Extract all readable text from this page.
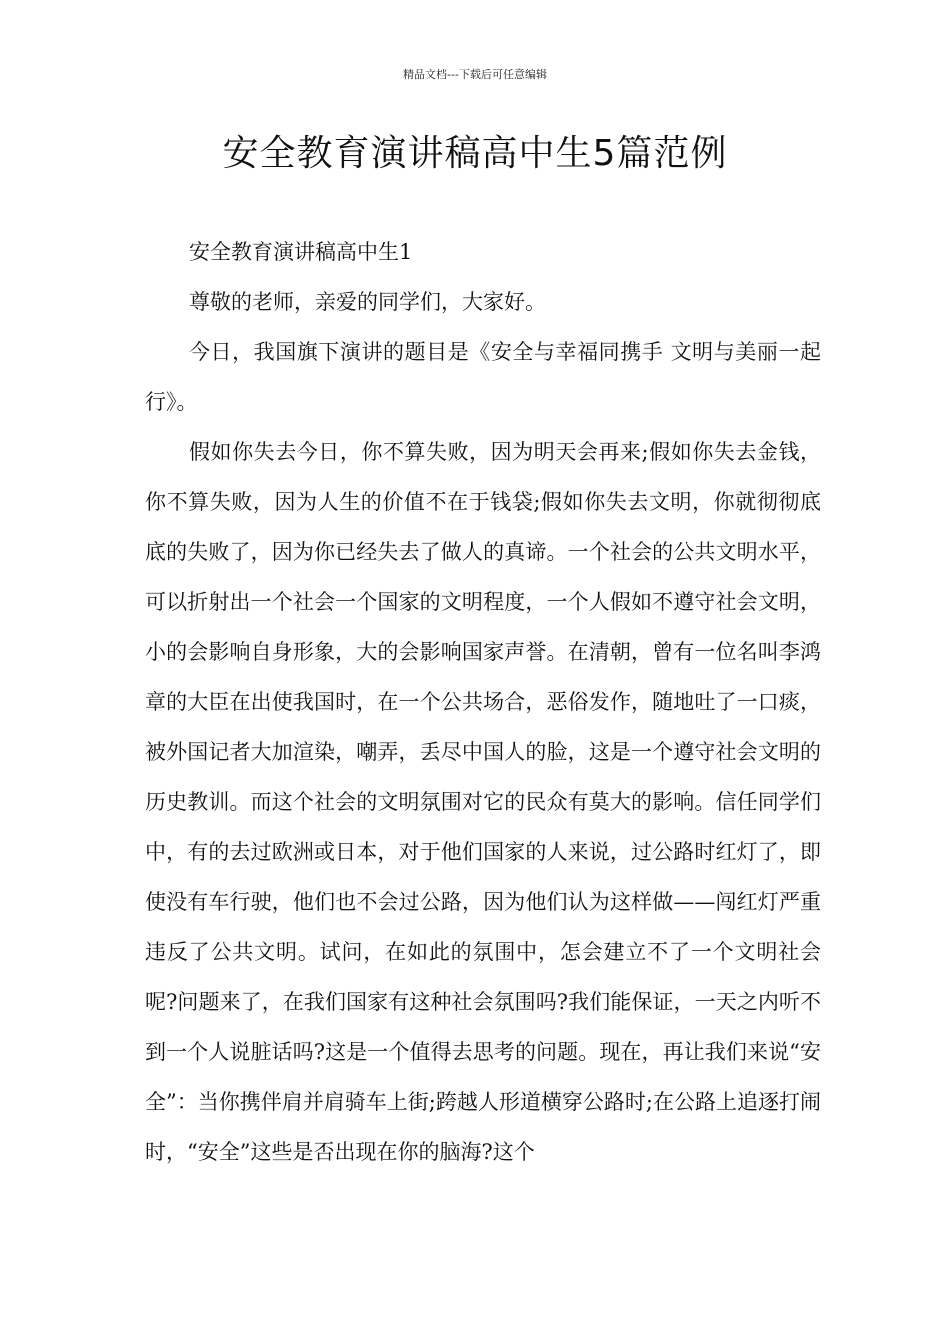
精品文档---下载后可任意编辑
安全教育演讲稿高中生5篇范例
安全教育演讲稿高中生1

尊敬的老师，亲爱的同学们，大家好。

今日，我国旗下演讲的题目是《安全与幸福同携手 文明与美丽一起行》。

假如你失去今日，你不算失败，因为明天会再来;假如你失去金钱，你不算失败，因为人生的价值不在于钱袋;假如你失去文明，你就彻彻底底的失败了，因为你已经失去了做人的真谛。一个社会的公共文明水平，可以折射出一个社会一个国家的文明程度，一个人假如不遵守社会文明，小的会影响自身形象，大的会影响国家声誉。在清朝，曾有一位名叫李鸿章的大臣在出使我国时，在一个公共场合，恶俗发作，随地吐了一口痰，被外国记者大加渲染，嘲弄，丢尽中国人的脸，这是一个遵守社会文明的历史教训。而这个社会的文明氛围对它的民众有莫大的影响。信任同学们中，有的去过欧洲或日本，对于他们国家的人来说，过公路时红灯了，即使没有车行驶，他们也不会过公路，因为他们认为这样做——闯红灯严重违反了公共文明。试问，在如此的氛围中，怎会建立不了一个文明社会呢?问题来了，在我们国家有这种社会氛围吗?我们能保证，一天之内听不到一个人说脏话吗?这是一个值得去思考的问题。现在，再让我们来说“安全”：当你携伴肩并肩骑车上街;跨越人形道横穿公路时;在公路上追逐打闹时，“安全”这些是否出现在你的脑海?这个
